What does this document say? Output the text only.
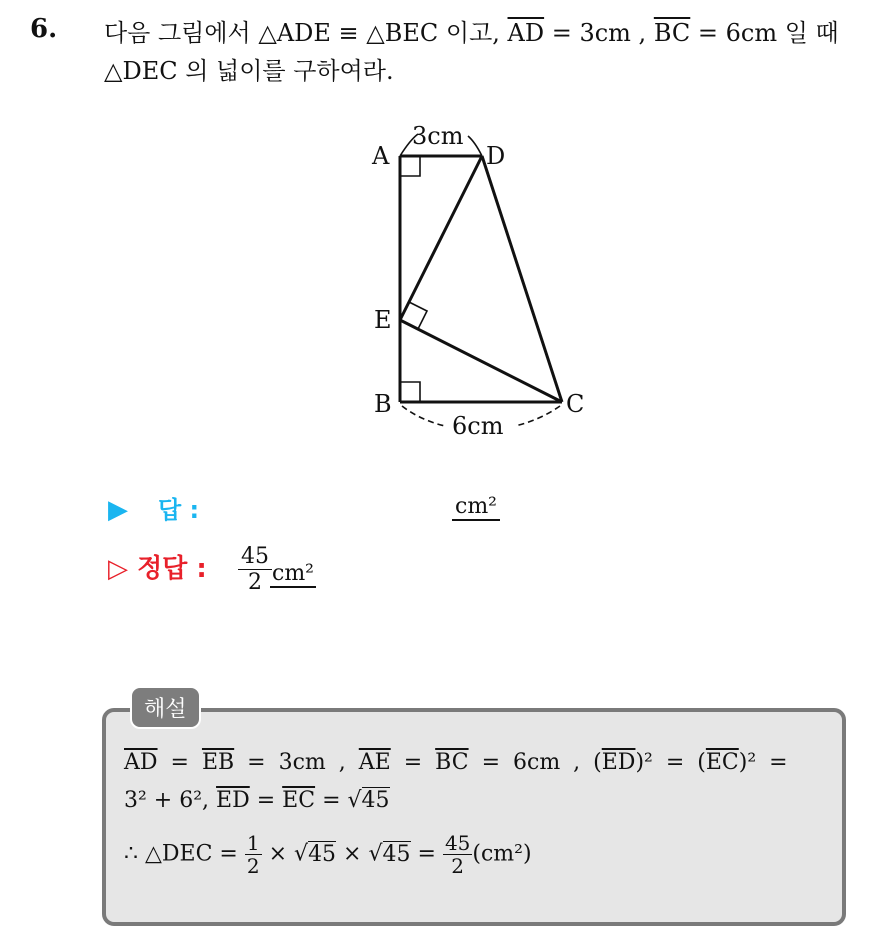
6. 다음 그림에서 △ADE ≡ △BEC 이고, $\overline{AD} = 3cm$ , $\overline{BC} = 6cm$ 일 때
△DEC 의 넓이를 구하여라.
A	D
E
B	C
3cm
6cm
▶ 답 :	cm²
▷ 정답 : $\frac{45}{2} cm^2$
해설
$\overline{AD} = \overline{EB} = 3cm$ , $\overline{AE} = \overline{BC} = 6cm$ , $(\overline{ED})^2 = (\overline{EC})^2$ =
3² + 6², $\overline{ED} = \overline{EC} = √45$
∴ △DEC = $\frac{1}{2} \times √45 \times √45 = \frac{45}{2}(cm^2)$
